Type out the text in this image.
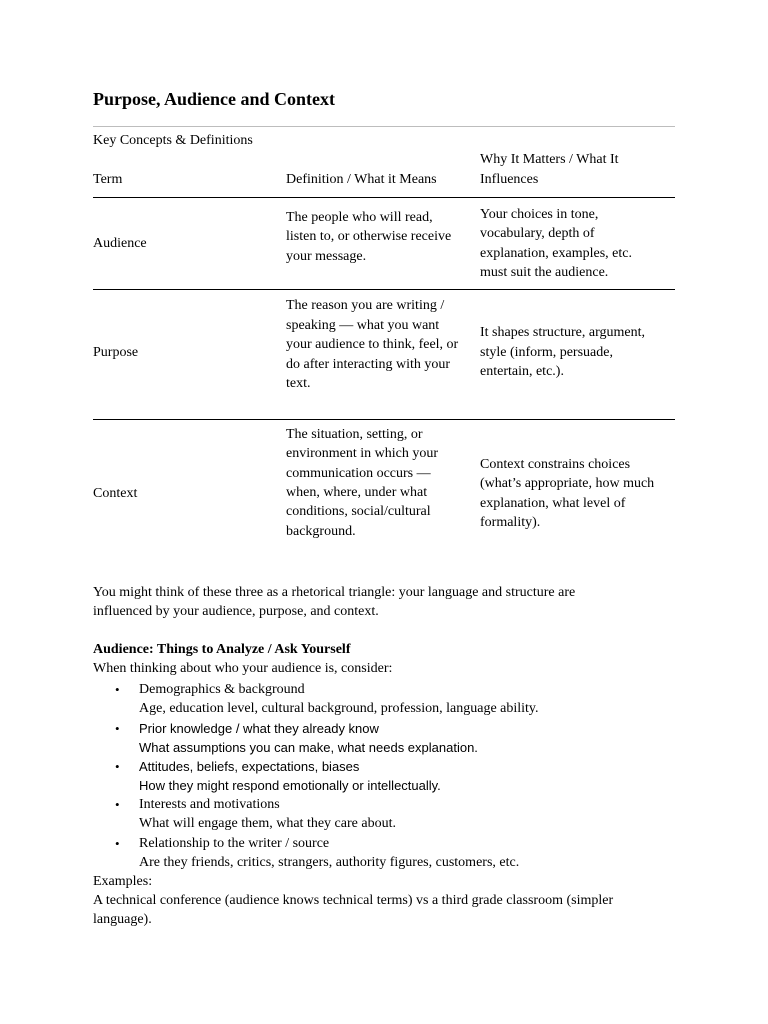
Purpose, Audience and Context
Key Concepts & Definitions
Term	Definition / What it Means
Why It Matters / What It
Influences
Audience
The people who will read,
listen to, or otherwise receive
your message.
Your choices in tone,
vocabulary, depth of
explanation, examples, etc.
must suit the audience.
Purpose
The reason you are writing /
speaking — what you want
your audience to think, feel, or
do after interacting with your
text.
It shapes structure, argument,
style (inform, persuade,
entertain, etc.).
Context
The situation, setting, or
environment in which your
communication occurs —
when, where, under what
conditions, social/cultural
background.
Context constrains choices
(what’s appropriate, how much
explanation, what level of
formality).
You might think of these three as a rhetorical triangle: your language and structure are
influenced by your audience, purpose, and context.
Audience: Things to Analyze / Ask Yourself
When thinking about who your audience is, consider:
• Demographics & background
Age, education level, cultural background, profession, language ability.
• Prior knowledge / what they already know
What assumptions you can make, what needs explanation.
• Attitudes, beliefs, expectations, biases
How they might respond emotionally or intellectually.
• Interests and motivations
What will engage them, what they care about.
• Relationship to the writer / source
Are they friends, critics, strangers, authority figures, customers, etc.
Examples:
A technical conference (audience knows technical terms) vs a third grade classroom (simpler
language).
